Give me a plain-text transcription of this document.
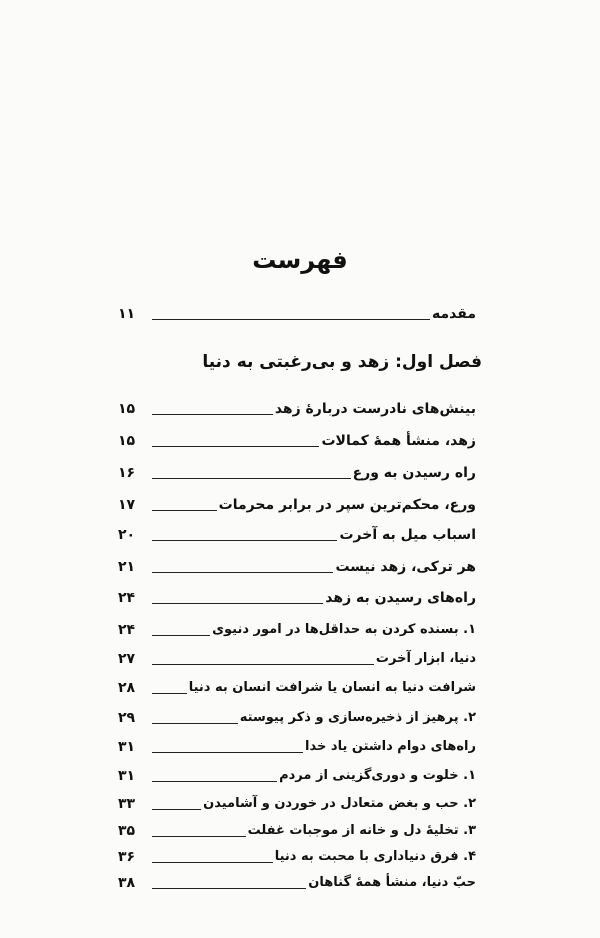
فهرست
مقدمه
۱۱
فصل اول: زهد و بی‌رغبتی به دنیا
بینش‌های نادرست دربارهٔ زهد
۱۵
زهد، منشأ همهٔ کمالات
۱۵
راه رسیدن به ورع
۱۶
ورع، محکم‌ترین سپر در برابر محرمات
۱۷
اسباب میل به آخرت
۲۰
هر ترکی، زهد نیست
۲۱
راه‌های رسیدن به زهد
۲۴
۱. بسنده کردن به حداقل‌ها در امور دنیوی
۲۴
دنیا، ابزار آخرت
۲۷
شرافت دنیا به انسان یا شرافت انسان به دنیا
۲۸
۲. پرهیز از ذخیره‌سازی و ذکر پیوسته
۲۹
راه‌های دوام داشتن یاد خدا
۳۱
۱. خلوت و دوری‌گزینی از مردم
۳۱
۲. حب و بغض متعادل در خوردن و آشامیدن
۳۳
۳. تخلیهٔ دل و خانه از موجبات غفلت
۳۵
۴. فرق دنیاداری با محبت به دنیا
۳۶
حبّ دنیا، منشأ همهٔ گناهان
۳۸
